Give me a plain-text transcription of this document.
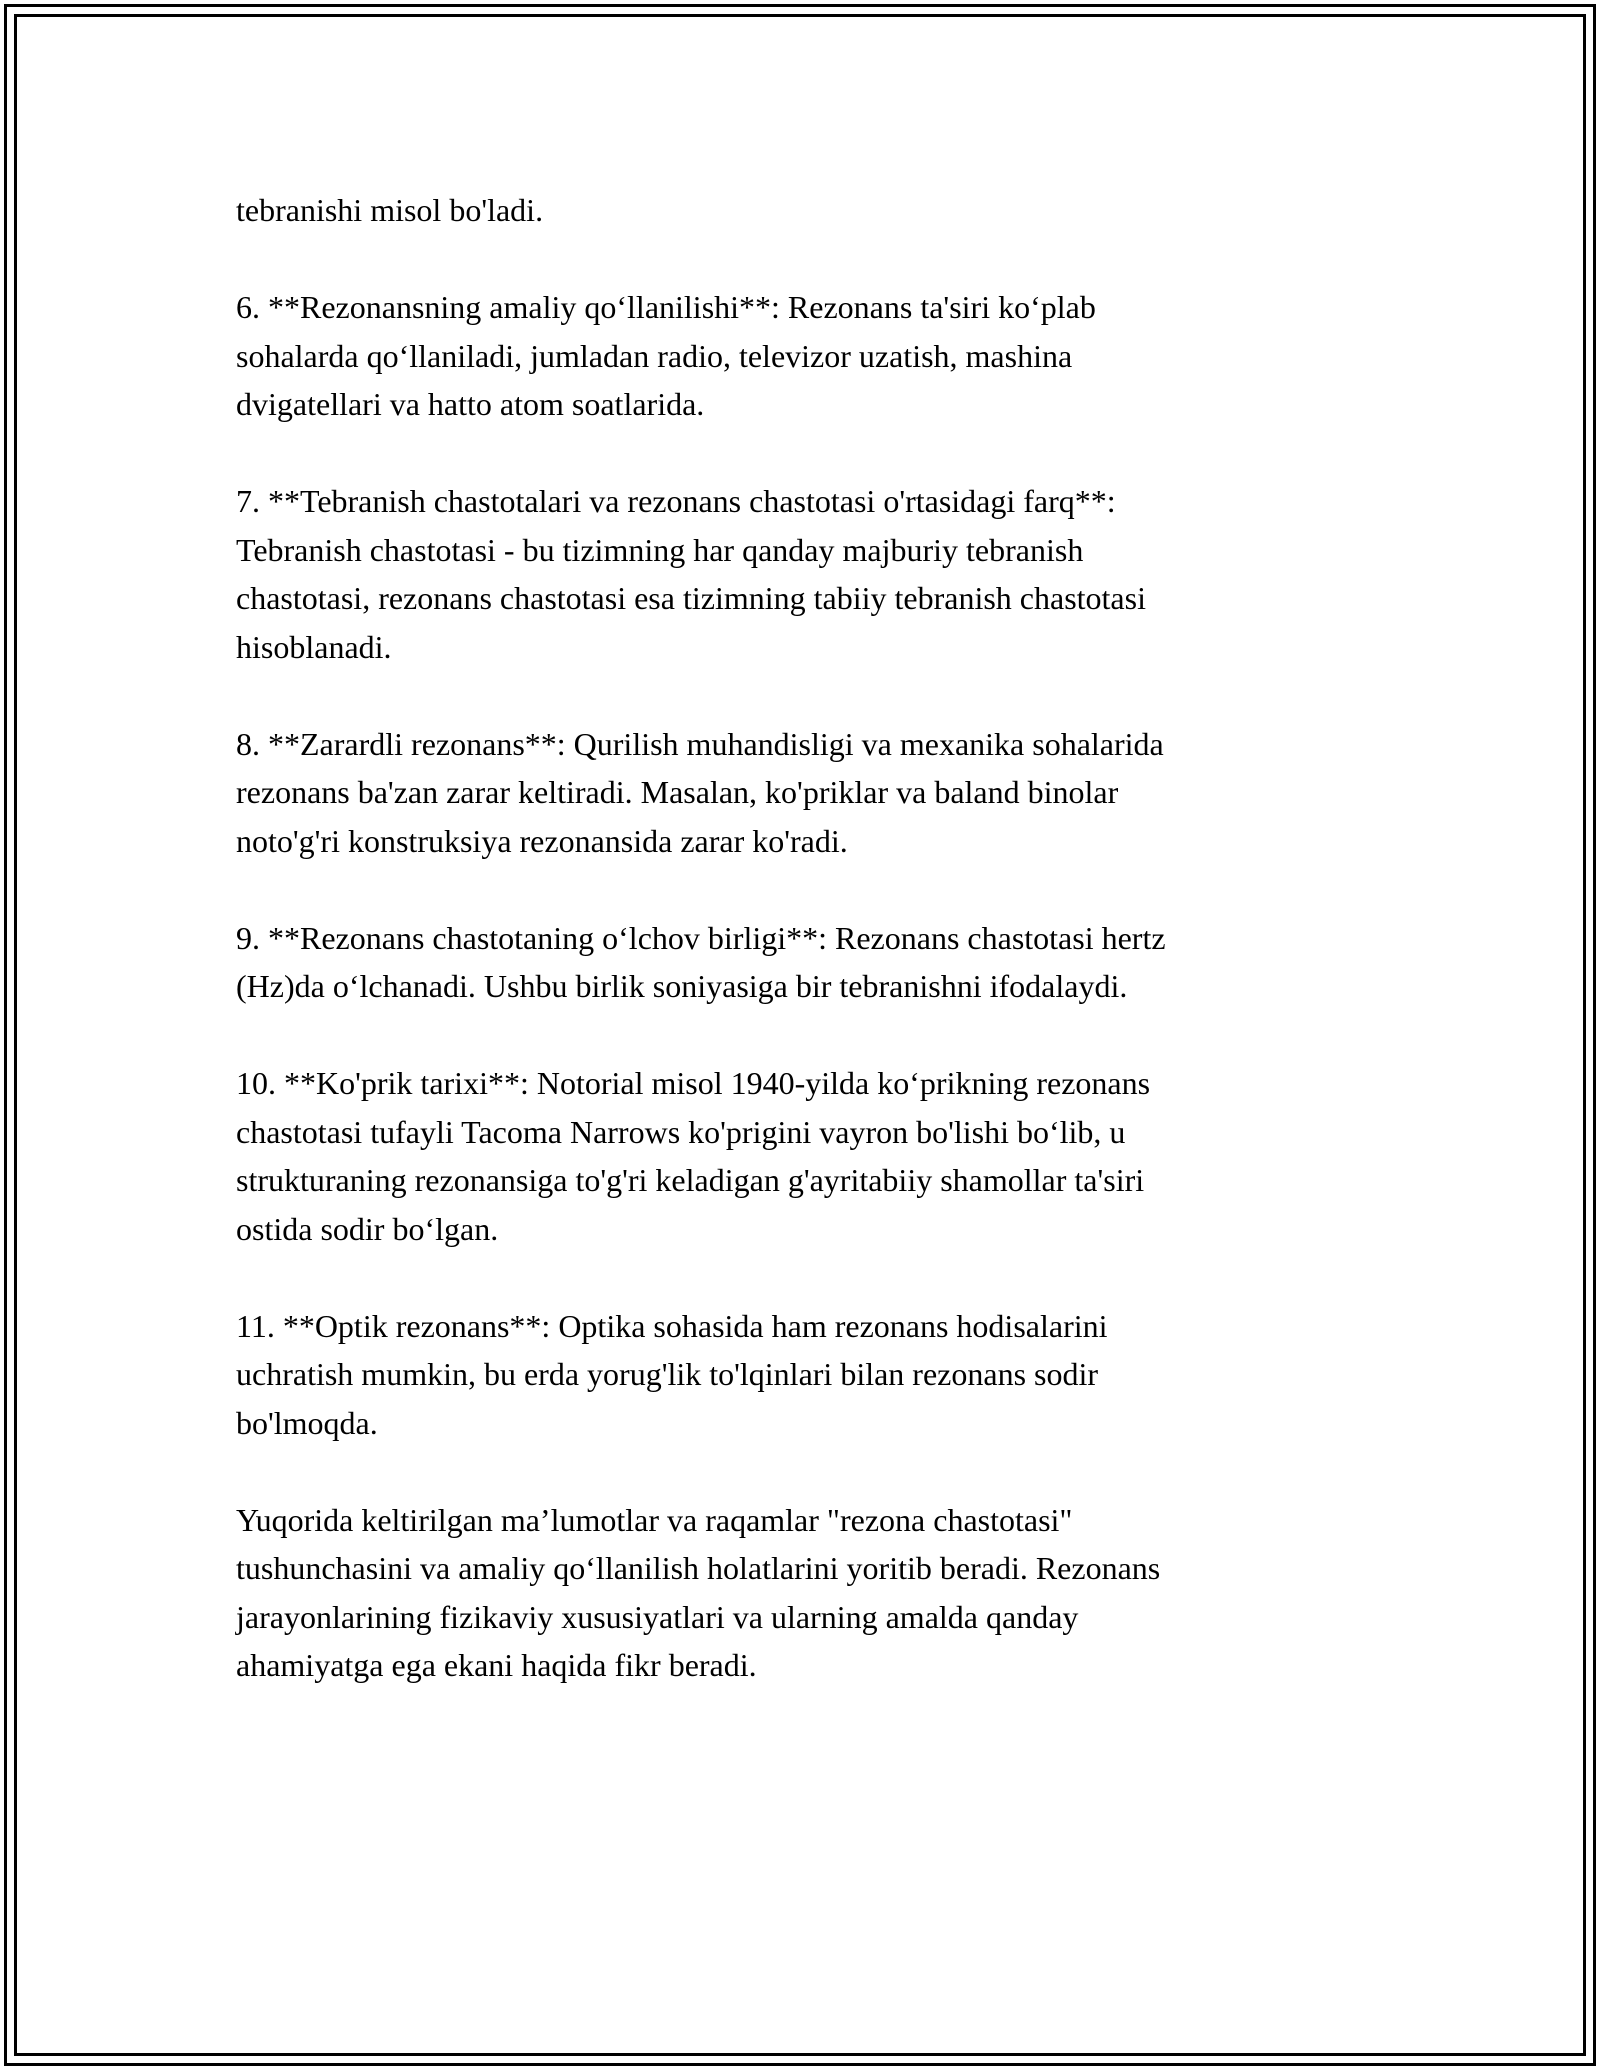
tebranishi misol bo'ladi.

6. **Rezonansning amaliy qo‘llanilishi**: Rezonans ta'siri ko‘plab
sohalarda qo‘llaniladi, jumladan radio, televizor uzatish, mashina
dvigatellari va hatto atom soatlarida.

7. **Tebranish chastotalari va rezonans chastotasi o'rtasidagi farq**:
Tebranish chastotasi - bu tizimning har qanday majburiy tebranish
chastotasi, rezonans chastotasi esa tizimning tabiiy tebranish chastotasi
hisoblanadi.

8. **Zarardli rezonans**: Qurilish muhandisligi va mexanika sohalarida
rezonans ba'zan zarar keltiradi. Masalan, ko'priklar va baland binolar
noto'g'ri konstruksiya rezonansida zarar ko'radi.

9. **Rezonans chastotaning o‘lchov birligi**: Rezonans chastotasi hertz
(Hz)da o‘lchanadi. Ushbu birlik soniyasiga bir tebranishni ifodalaydi.

10. **Ko'prik tarixi**: Notorial misol 1940-yilda ko‘prikning rezonans
chastotasi tufayli Tacoma Narrows ko'prigini vayron bo'lishi bo‘lib, u
strukturaning rezonansiga to'g'ri keladigan g'ayritabiiy shamollar ta'siri
ostida sodir bo‘lgan.

11. **Optik rezonans**: Optika sohasida ham rezonans hodisalarini
uchratish mumkin, bu erda yorug'lik to'lqinlari bilan rezonans sodir
bo'lmoqda.

Yuqorida keltirilgan ma’lumotlar va raqamlar "rezona chastotasi"
tushunchasini va amaliy qo‘llanilish holatlarini yoritib beradi. Rezonans
jarayonlarining fizikaviy xususiyatlari va ularning amalda qanday
ahamiyatga ega ekani haqida fikr beradi.
